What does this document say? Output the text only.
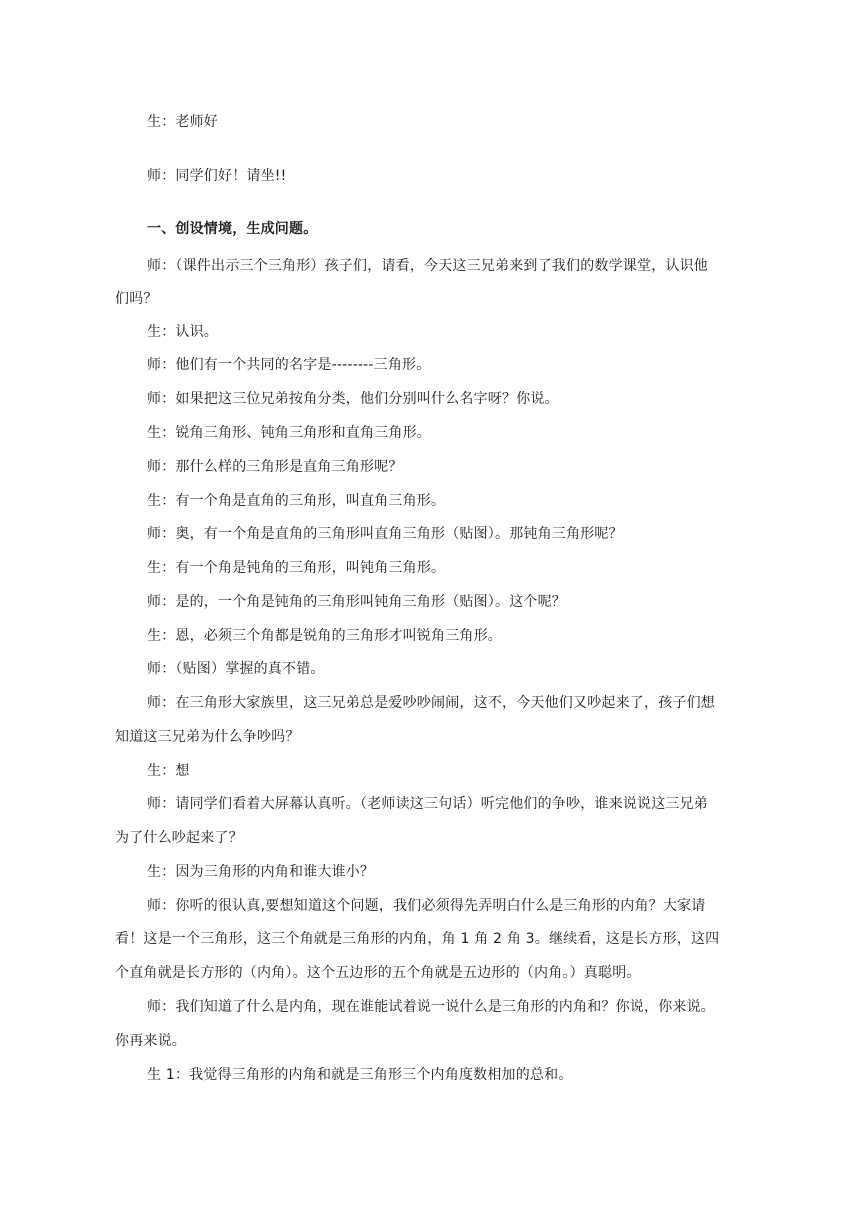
生：老师好
师：同学们好！请坐!!
一、创设情境，生成问题。
师：（课件出示三个三角形）孩子们，请看，今天这三兄弟来到了我们的数学课堂，认识他
们吗？
生：认识。
师：他们有一个共同的名字是--------三角形。
师：如果把这三位兄弟按角分类，他们分别叫什么名字呀？你说。
生：锐角三角形、钝角三角形和直角三角形。
师：那什么样的三角形是直角三角形呢？
生：有一个角是直角的三角形，叫直角三角形。
师：奥，有一个角是直角的三角形叫直角三角形（贴图）。那钝角三角形呢？
生：有一个角是钝角的三角形，叫钝角三角形。
师：是的，一个角是钝角的三角形叫钝角三角形（贴图）。这个呢？
生：恩，必须三个角都是锐角的三角形才叫锐角三角形。
师：（贴图）掌握的真不错。
师：在三角形大家族里，这三兄弟总是爱吵吵闹闹，这不，今天他们又吵起来了，孩子们想
知道这三兄弟为什么争吵吗？
生：想
师：请同学们看着大屏幕认真听。（老师读这三句话）听完他们的争吵，谁来说说这三兄弟
为了什么吵起来了？
生：因为三角形的内角和谁大谁小？
师：你听的很认真,要想知道这个问题，我们必须得先弄明白什么是三角形的内角？大家请
看！这是一个三角形，这三个角就是三角形的内角，角 1 角 2 角 3。继续看，这是长方形，这四
个直角就是长方形的（内角）。这个五边形的五个角就是五边形的（内角。）真聪明。
师：我们知道了什么是内角，现在谁能试着说一说什么是三角形的内角和？你说，你来说。
你再来说。
生 1：我觉得三角形的内角和就是三角形三个内角度数相加的总和。
